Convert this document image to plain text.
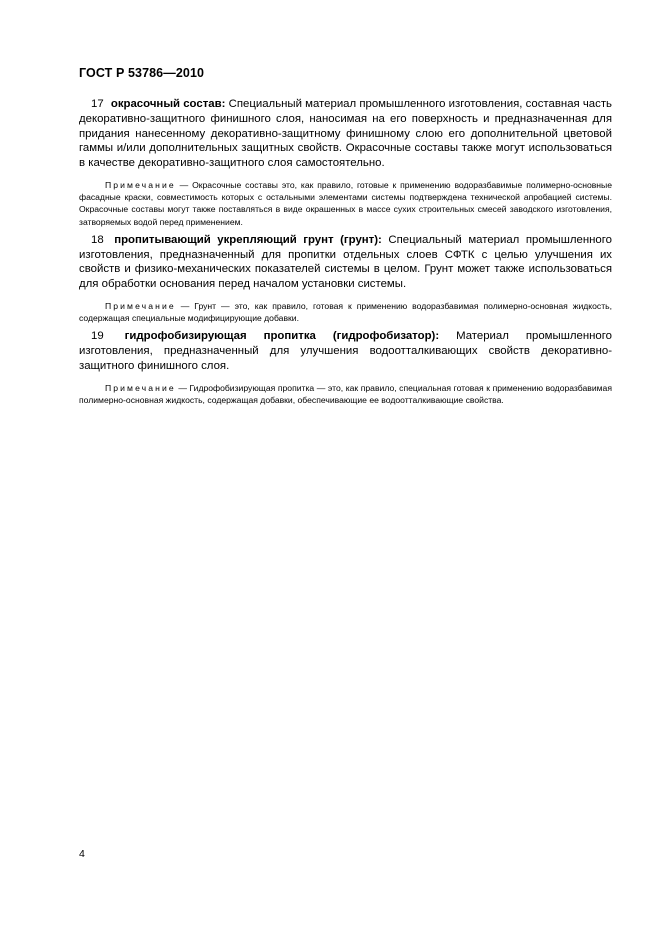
ГОСТ Р 53786—2010

17 окрасочный состав: Специальный материал промышленного изготовления, составная часть декоративно-защитного финишного слоя, наносимая на его поверхность и предназначенная для придания нанесенному декоративно-защитному финишному слою его дополнительной цветовой гаммы и/или дополнительных защитных свойств. Окрасочные составы также могут использоваться в качестве декоративно-защитного слоя самостоятельно.

Примечание — Окрасочные составы это, как правило, готовые к применению водоразбавимые полимерно-основные фасадные краски, совместимость которых с остальными элементами системы подтверждена технической апробацией системы. Окрасочные составы могут также поставляться в виде окрашенных в массе сухих строительных смесей заводского изготовления, затворяемых водой перед применением.

18 пропитывающий укрепляющий грунт (грунт): Специальный материал промышленного изготовления, предназначенный для пропитки отдельных слоев СФТК с целью улучшения их свойств и физико-механических показателей системы в целом. Грунт может также использоваться для обработки основания перед началом установки системы.

Примечание — Грунт — это, как правило, готовая к применению водоразбавимая полимерно-основная жидкость, содержащая специальные модифицирующие добавки.

19 гидрофобизирующая пропитка (гидрофобизатор): Материал промышленного изготовления, предназначенный для улучшения водоотталкивающих свойств декоративно-защитного финишного слоя.

Примечание — Гидрофобизирующая пропитка — это, как правило, специальная готовая к применению водоразбавимая полимерно-основная жидкость, содержащая добавки, обеспечивающие ее водоотталкивающие свойства.

4
